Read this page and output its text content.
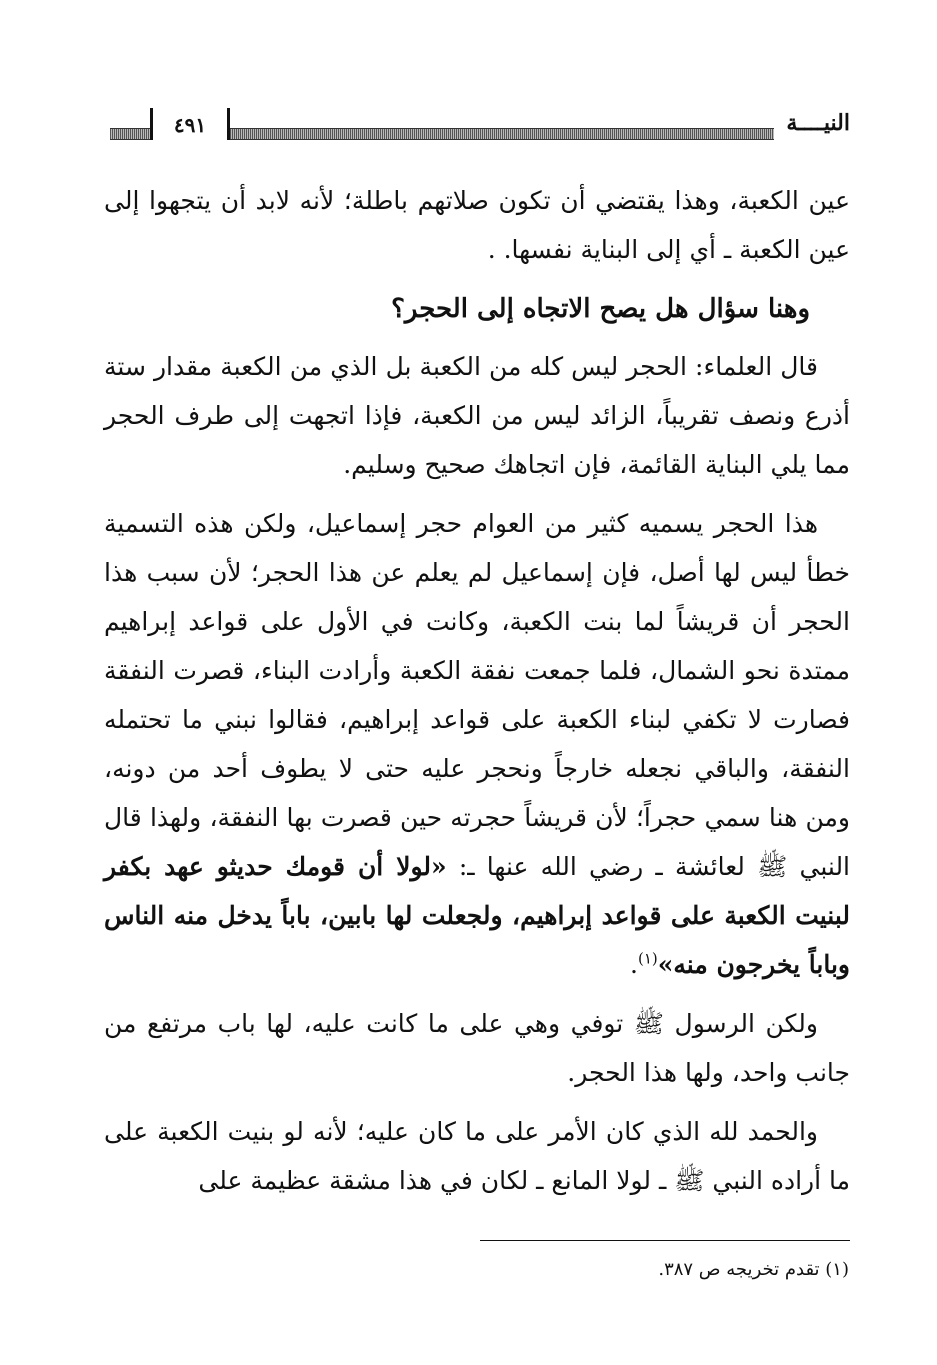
النيــــة
٤٩١

عين الكعبة، وهذا يقتضي أن تكون صلاتهم باطلة؛ لأنه لابد أن يتجهوا إلى عين الكعبة ـ أي إلى البناية نفسها. .

وهنا سؤال هل يصح الاتجاه إلى الحجر؟

قال العلماء: الحجر ليس كله من الكعبة بل الذي من الكعبة مقدار ستة أذرع ونصف تقريباً، الزائد ليس من الكعبة، فإذا اتجهت إلى طرف الحجر مما يلي البناية القائمة، فإن اتجاهك صحيح وسليم.

هذا الحجر يسميه كثير من العوام حجر إسماعيل، ولكن هذه التسمية خطأ ليس لها أصل، فإن إسماعيل لم يعلم عن هذا الحجر؛ لأن سبب هذا الحجر أن قريشاً لما بنت الكعبة، وكانت في الأول على قواعد إبراهيم ممتدة نحو الشمال، فلما جمعت نفقة الكعبة وأرادت البناء، قصرت النفقة فصارت لا تكفي لبناء الكعبة على قواعد إبراهيم، فقالوا نبني ما تحتمله النفقة، والباقي نجعله خارجاً ونحجر عليه حتى لا يطوف أحد من دونه، ومن هنا سمي حجراً؛ لأن قريشاً حجرته حين قصرت بها النفقة، ولهذا قال النبي ﷺ لعائشة ـ رضي الله عنها ـ: «لولا أن قومك حديثو عهد بكفر لبنيت الكعبة على قواعد إبراهيم، ولجعلت لها بابين، باباً يدخل منه الناس وباباً يخرجون منه»$^{(١)}$.

ولكن الرسول ﷺ توفي وهي على ما كانت عليه، لها باب مرتفع من جانب واحد، ولها هذا الحجر.

والحمد لله الذي كان الأمر على ما كان عليه؛ لأنه لو بنيت الكعبة على ما أراده النبي ﷺ ـ لولا المانع ـ لكان في هذا مشقة عظيمة على

(١) تقدم تخريجه ص ٣٨٧.
